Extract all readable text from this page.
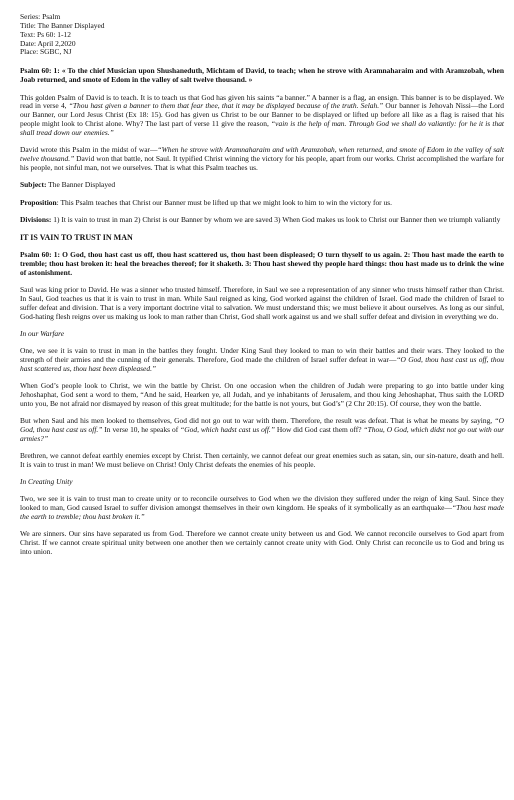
Series: Psalm
Title: The Banner Displayed
Text: Ps 60: 1-12
Date: April 2,2020
Place: SGBC, NJ

Psalm 60: 1: « To the chief Musician upon Shushaneduth, Michtam of David, to teach; when he strove with Aramnaharaim and with Aramzobah, when Joab returned, and smote of Edom in the valley of salt twelve thousand. »

This golden Psalm of David is to teach. It is to teach us that God has given his saints “a banner.” A banner is a flag, an ensign. This banner is to be displayed. We read in verse 4, “Thou hast given a banner to them that fear thee, that it may be displayed because of the truth. Selah.” Our banner is Jehovah Nissi—the Lord our Banner, our Lord Jesus Christ (Ex 18: 15). God has given us Christ to be our Banner to be displayed or lifted up before all like as a flag is raised that his people might look to Christ alone. Why? The last part of verse 11 give the reason, “vain is the help of man. Through God we shall do valiantly: for he it is that shall tread down our enemies.”

David wrote this Psalm in the midst of war—“When he strove with Aramnaharaim and with Aramzobah, when returned, and smote of Edom in the valley of salt twelve thousand.” David won that battle, not Saul. It typified Christ winning the victory for his people, apart from our works. Christ accomplished the warfare for his people, not sinful man, not we ourselves. That is what this Psalm teaches us.

Subject: The Banner Displayed

Proposition: This Psalm teaches that Christ our Banner must be lifted up that we might look to him to win the victory for us.

Divisions: 1) It is vain to trust in man 2) Christ is our Banner by whom we are saved 3) When God makes us look to Christ our Banner then we triumph valiantly

IT IS VAIN TO TRUST IN MAN

Psalm 60: 1: O God, thou hast cast us off, thou hast scattered us, thou hast been displeased; O turn thyself to us again. 2: Thou hast made the earth to tremble; thou hast broken it: heal the breaches thereof; for it shaketh. 3: Thou hast shewed thy people hard things: thou hast made us to drink the wine of astonishment.

Saul was king prior to David. He was a sinner who trusted himself. Therefore, in Saul we see a representation of any sinner who trusts himself rather than Christ. In Saul, God teaches us that it is vain to trust in man. While Saul reigned as king, God worked against the children of Israel. God made the children of Israel to suffer defeat and division. That is a very important doctrine vital to salvation. We must understand this; we must believe it about ourselves. As long as our sinful, God-hating flesh reigns over us making us look to man rather than Christ, God shall work against us and we shall suffer defeat and division in everything we do.

In our Warfare

One, we see it is vain to trust in man in the battles they fought. Under King Saul they looked to man to win their battles and their wars. They looked to the strength of their armies and the cunning of their generals. Therefore, God made the children of Israel suffer defeat in war—“O God, thou hast cast us off, thou hast scattered us, thou hast been displeased.”

When God’s people look to Christ, we win the battle by Christ. On one occasion when the children of Judah were preparing to go into battle under king Jehoshaphat, God sent a word to them, “And he said, Hearken ye, all Judah, and ye inhabitants of Jerusalem, and thou king Jehoshaphat, Thus saith the LORD unto you, Be not afraid nor dismayed by reason of this great multitude; for the battle is not yours, but God’s” (2 Chr 20:15). Of course, they won the battle.

But when Saul and his men looked to themselves, God did not go out to war with them. Therefore, the result was defeat. That is what he means by saying, “O God, thou hast cast us off.” In verse 10, he speaks of “God, which hadst cast us off.” How did God cast them off? “Thou, O God, which didst not go out with our armies?”

Brethren, we cannot defeat earthly enemies except by Christ. Then certainly, we cannot defeat our great enemies such as satan, sin, our sin-nature, death and hell. It is vain to trust in man! We must believe on Christ! Only Christ defeats the enemies of his people.

In Creating Unity

Two, we see it is vain to trust man to create unity or to reconcile ourselves to God when we the division they suffered under the reign of king Saul. Since they looked to man, God caused Israel to suffer division amongst themselves in their own kingdom. He speaks of it symbolically as an earthquake—“Thou hast made the earth to tremble; thou hast broken it.”

We are sinners. Our sins have separated us from God. Therefore we cannot create unity between us and God. We cannot reconcile ourselves to God apart from Christ. If we cannot create spiritual unity between one another then we certainly cannot create unity with God. Only Christ can reconcile us to God and bring us into union.
